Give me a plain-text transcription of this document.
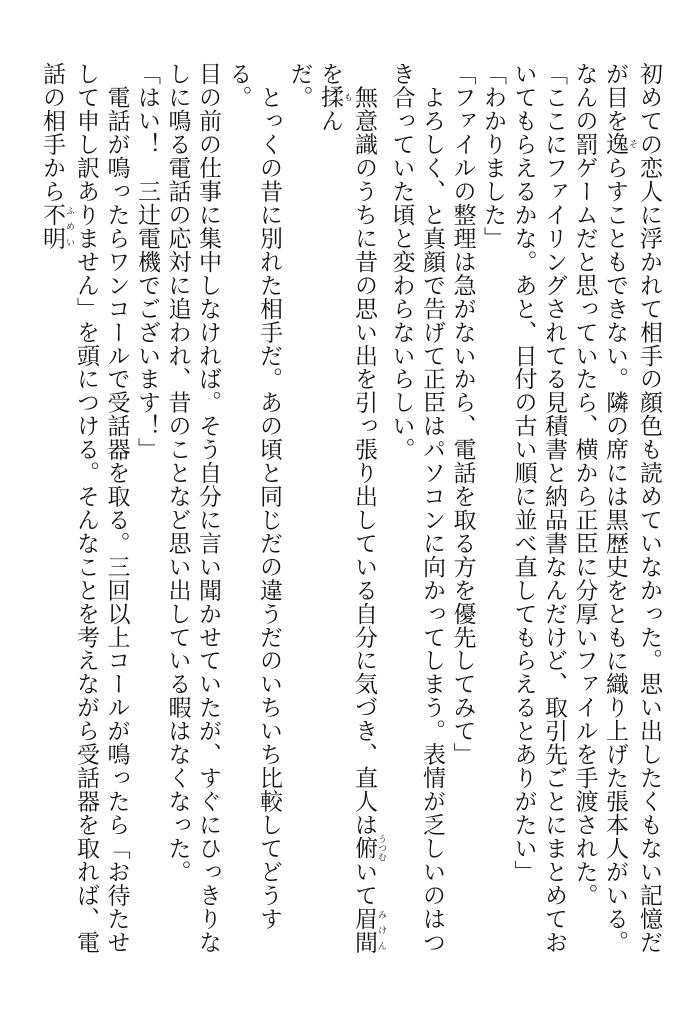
初めての恋人に浮かれて相手の顔色も読めていなかった。思い出したくもない記憶だが目を逸 そらすこともできない。隣の席には黒歴史をともに織り上げた張本人がいる。

なんの罰ゲームだと思っていたら、横から正臣に分厚いファイルを手渡された。

「ここにファイリングされてる見積書と納品書なんだけど、取引先ごとにまとめておいてもらえるかな。あと、日付の古い順に並べ直してもらえるとありがたい」

「わかりました」

「ファイルの整理は急がないから、電話を取る方を優先してみて」

　よろしく、と真顔で告げて正臣はパソコンに向かってしまう。表情が乏しいのはつき合っていた頃と変わらないらしい。

　無意識のうちに昔の思い出を引っ張り出している自分に気づき、直人は俯 うつむいて眉間 みけんを揉 もん

だ。

　とっくの昔に別れた相手だ。あの頃と同じだの違うだのいちいち比較してどうする。

目の前の仕事に集中しなければ。そう自分に言い聞かせていたが、すぐにひっきりなしに鳴る電話の応対に追われ、昔のことなど思い出している暇はなくなった。

「はい！　三辻電機でございます！」

　電話が鳴ったらワンコールで受話器を取る。三回以上コールが鳴ったら「お待たせして申し訳ありません」を頭につける。そんなことを考えながら受話器を取れば、電話の相手から不明 ふめい
